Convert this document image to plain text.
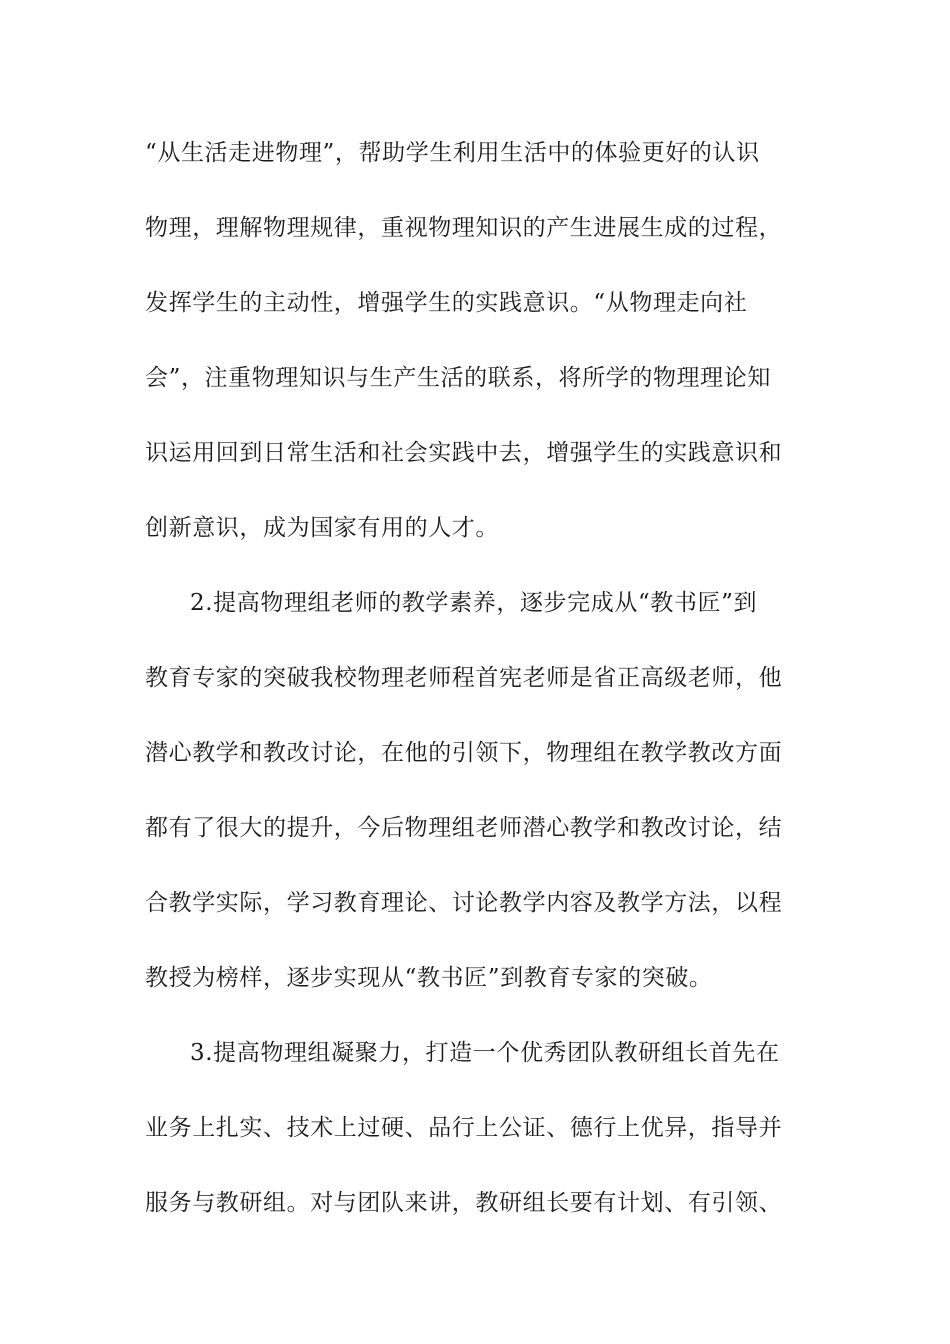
“从生活走进物理”，帮助学生利用生活中的体验更好的认识
物理，理解物理规律，重视物理知识的产生进展生成的过程，
发挥学生的主动性，增强学生的实践意识。“从物理走向社
会”，注重物理知识与生产生活的联系，将所学的物理理论知
识运用回到日常生活和社会实践中去，增强学生的实践意识和
创新意识，成为国家有用的人才。
2.提高物理组老师的教学素养，逐步完成从“教书匠”到
教育专家的突破我校物理老师程首宪老师是省正高级老师，他
潜心教学和教改讨论，在他的引领下，物理组在教学教改方面
都有了很大的提升，今后物理组老师潜心教学和教改讨论，结
合教学实际，学习教育理论、讨论教学内容及教学方法，以程
教授为榜样，逐步实现从“教书匠”到教育专家的突破。
3.提高物理组凝聚力，打造一个优秀团队教研组长首先在
业务上扎实、技术上过硬、品行上公证、德行上优异，指导并
服务与教研组。对与团队来讲，教研组长要有计划、有引领、
